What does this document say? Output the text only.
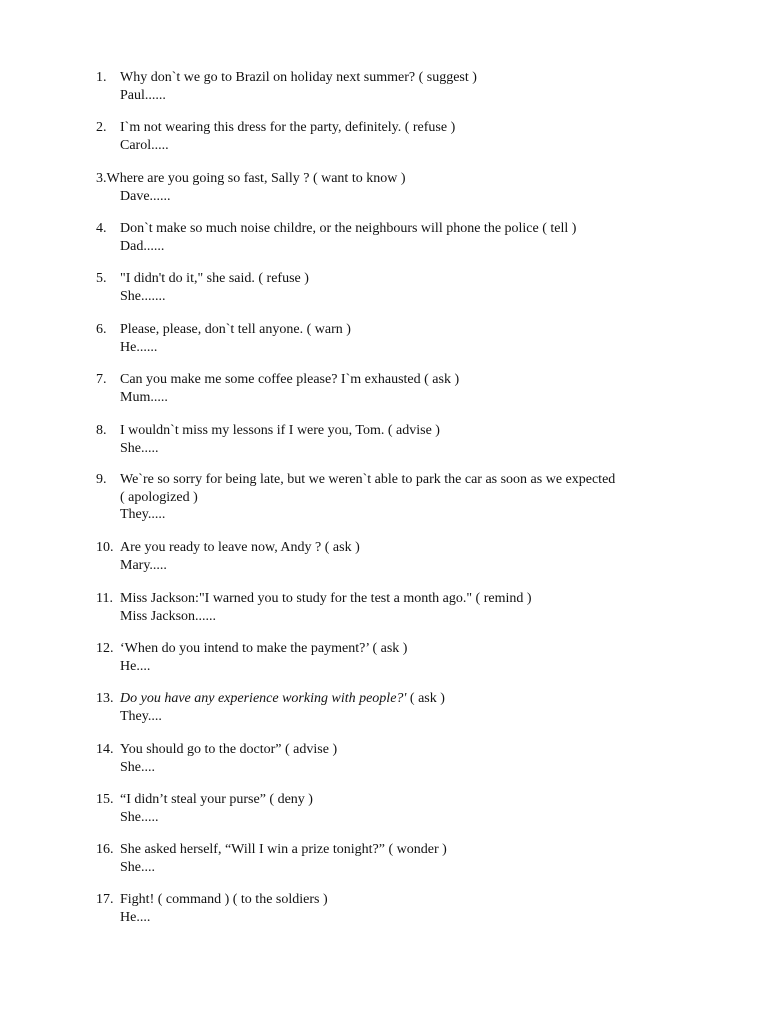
1. Why don`t we go to Brazil on holiday next summer? ( suggest )
Paul......
2. I`m not wearing this dress for the party, definitely. ( refuse )
Carol.....
3.Where are you going so fast, Sally ? ( want to know )
Dave......
4. Don`t make so much noise childre, or the neighbours will phone the police ( tell )
Dad......
5. "I didn't do it," she said. ( refuse )
She.......
6. Please, please, don`t tell anyone. ( warn )
He......
7. Can you make me some coffee please? I`m exhausted ( ask )
Mum.....
8. I wouldn`t miss my lessons if I were you, Tom. ( advise )
She.....
9. We`re so sorry for being late, but we weren`t able to park the car as soon as we expected
( apologized )
They.....
10. Are you ready to leave now, Andy ? ( ask )
Mary.....
11. Miss Jackson:"I warned you to study for the test a month ago." ( remind )
Miss Jackson......
12. ‘When do you intend to make the payment?’ ( ask )
He....
13. Do you have any experience working with people?' ( ask )
They....
14. You should go to the doctor” ( advise )
She....
15. “I didn’t steal your purse” ( deny )
She.....
16. She asked herself, “Will I win a prize tonight?” ( wonder )
She....
17. Fight! ( command ) ( to the soldiers )
He....
